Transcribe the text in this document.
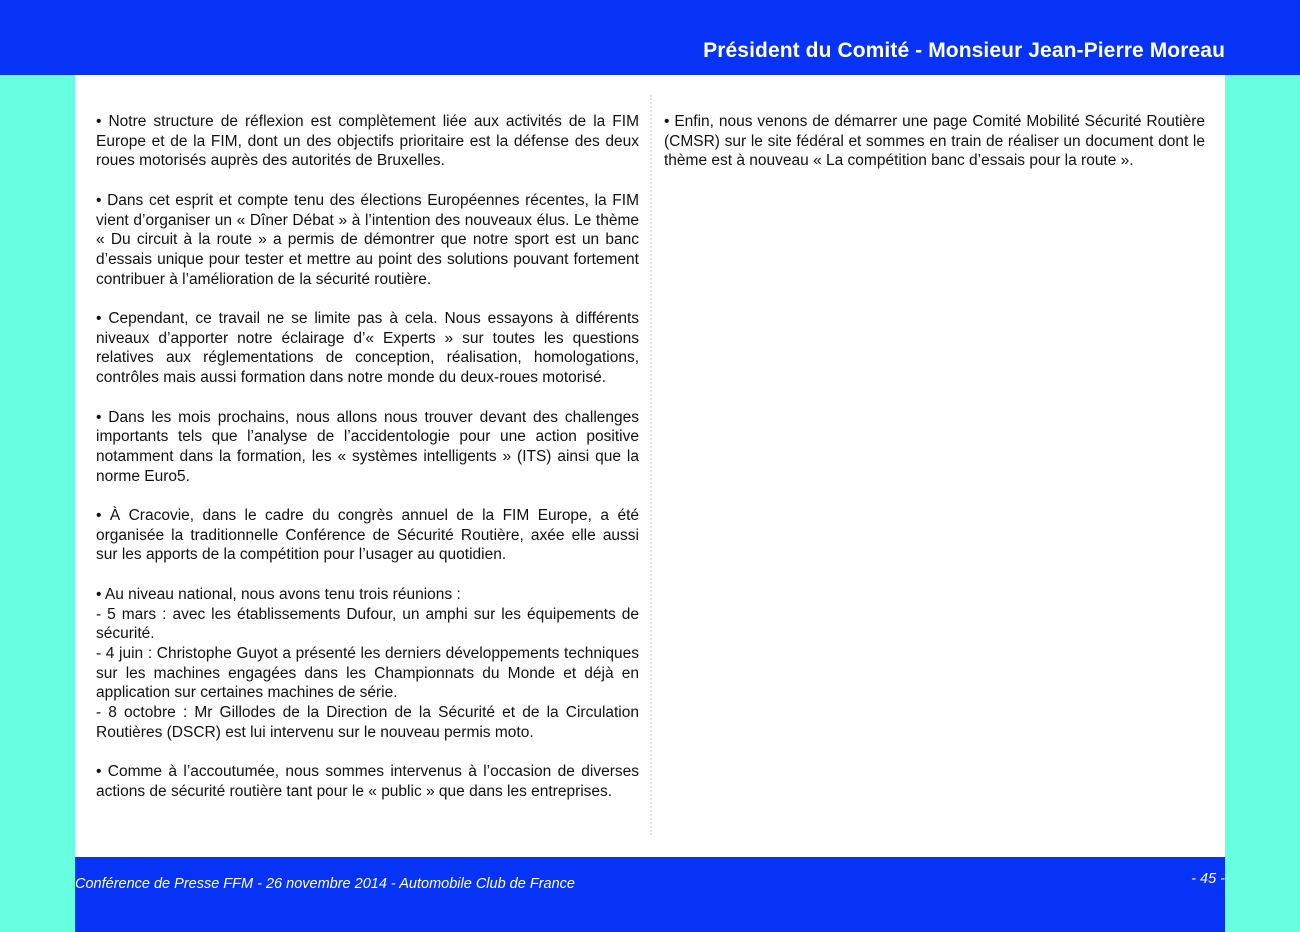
Président du Comité - Monsieur Jean-Pierre Moreau

• Notre structure de réflexion est complètement liée aux activités de la FIM Europe et de la FIM, dont un des objectifs prioritaire est la défense des deux roues motorisés auprès des autorités de Bruxelles.

• Dans cet esprit et compte tenu des élections Européennes récentes, la FIM vient d’organiser un « Dîner Débat » à l’intention des nouveaux élus. Le thème « Du circuit à la route » a permis de démontrer que notre sport est un banc d’essais unique pour tester et mettre au point des solutions pouvant fortement contribuer à l’amélioration de la sécurité routière.

• Cependant, ce travail ne se limite pas à cela. Nous essayons à différents niveaux d’apporter notre éclairage d’« Experts » sur toutes les questions relatives aux réglementations de conception, réalisation, homologations, contrôles mais aussi formation dans notre monde du deux-roues motorisé.

• Dans les mois prochains, nous allons nous trouver devant des challenges importants tels que l’analyse de l’accidentologie pour une action positive notamment dans la formation, les « systèmes intelligents » (ITS) ainsi que la norme Euro5.

• À Cracovie, dans le cadre du congrès annuel de la FIM Europe, a été organisée la traditionnelle Conférence de Sécurité Routière, axée elle aussi sur les apports de la compétition pour l’usager au quotidien.

• Au niveau national, nous avons tenu trois réunions :

- 5 mars : avec les établissements Dufour, un amphi sur les équipements de sécurité.

- 4 juin : Christophe Guyot a présenté les derniers développements techniques sur les machines engagées dans les Championnats du Monde et déjà en application sur certaines machines de série.

- 8 octobre : Mr Gillodes de la Direction de la Sécurité et de la Circulation Routières (DSCR) est lui intervenu sur le nouveau permis moto.

• Comme à l’accoutumée, nous sommes intervenus à l’occasion de diverses actions de sécurité routière tant pour le « public » que dans les entreprises.

• Enfin, nous venons de démarrer une page Comité Mobilité Sécurité Routière (CMSR) sur le site fédéral et sommes en train de réaliser un document dont le thème est à nouveau « La compétition banc d’essais pour la route ».

Conférence de Presse FFM - 26 novembre 2014 - Automobile Club de France	- 45 -
